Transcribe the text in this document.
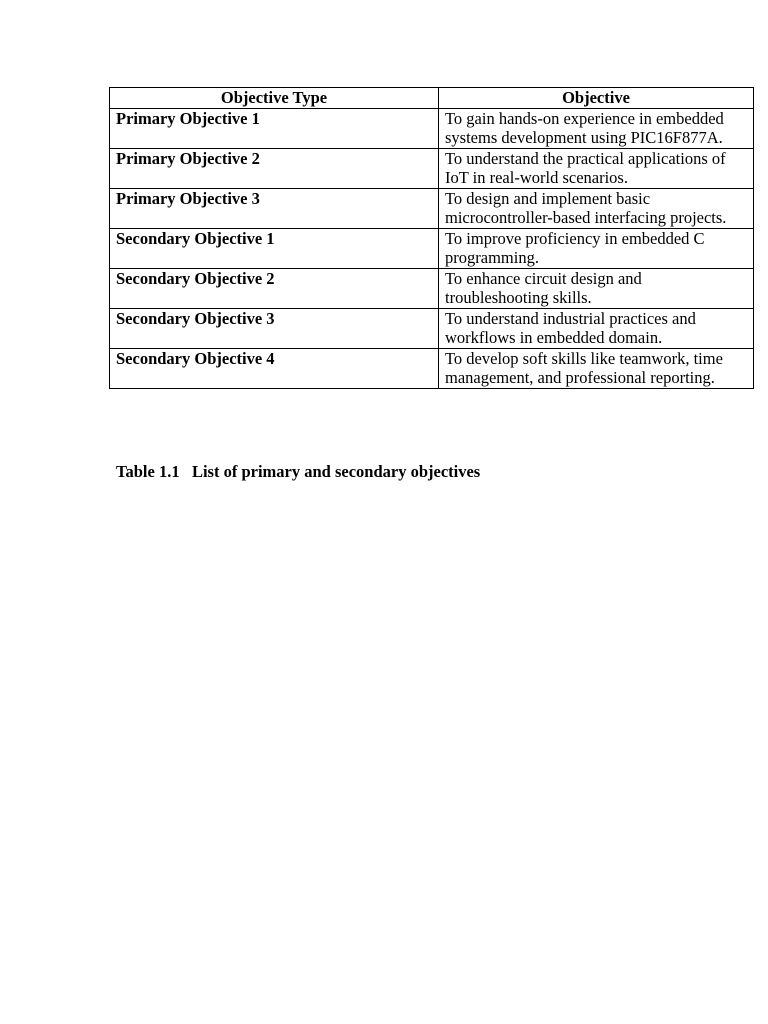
Objective Type	Objective
Primary Objective 1	To gain hands-on experience in embedded systems development using PIC16F877A.
Primary Objective 2	To understand the practical applications of IoT in real-world scenarios.
Primary Objective 3	To design and implement basic microcontroller-based interfacing projects.
Secondary Objective 1	To improve proficiency in embedded C programming.
Secondary Objective 2	To enhance circuit design and troubleshooting skills.
Secondary Objective 3	To understand industrial practices and workflows in embedded domain.
Secondary Objective 4	To develop soft skills like teamwork, time management, and professional reporting.
Table 1.1 List of primary and secondary objectives
